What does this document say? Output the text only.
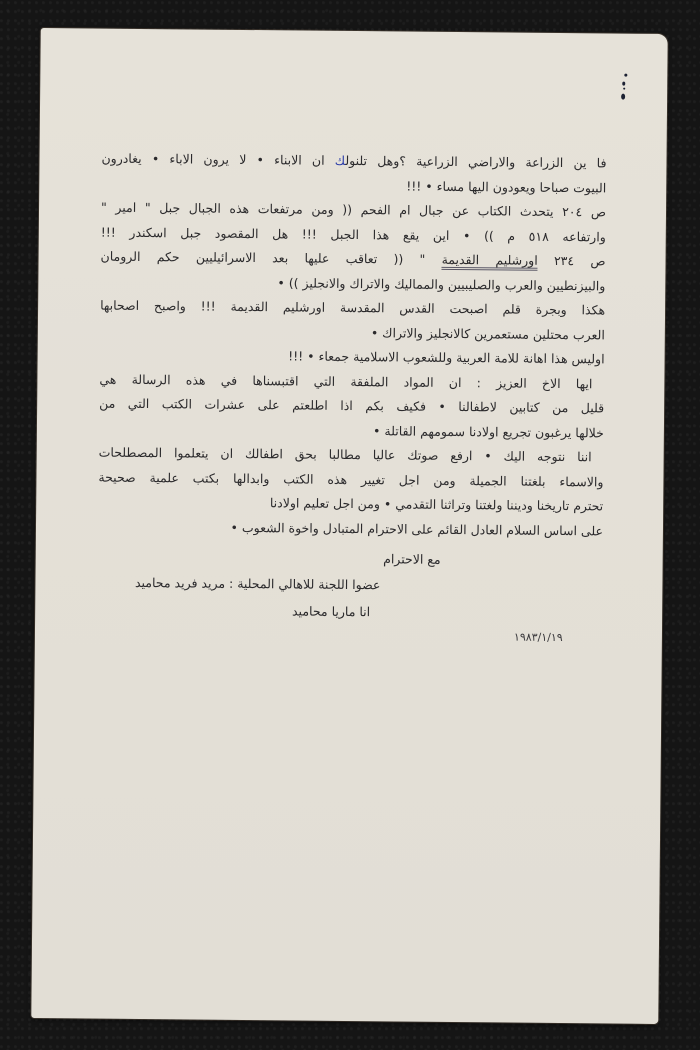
فا ين الزراعة والاراضي الزراعية ؟وهل تلنولك ان الابناء • لا يرون الاباء • يغادرون
البيوت صباحا ويعودون اليها مساء • !!!
ص ٢٠٤ يتحدث الكتاب عن جبال ام الفحم (( ومن مرتفعات هذه الجبال جبل " امير "
وارتفاعه ٥١٨ م )) • اين يقع هذا الجبل !!! هل المقصود جبل اسكندر !!!
ص ٢٣٤ اورشليم القديمة " (( تعاقب عليها بعد الاسرائيليين حكم الرومان
والبيزنطيين والعرب والصليبيين والمماليك والاتراك والانجليز )) •
هكذا وبجرة قلم اصبحت القدس المقدسة اورشليم القديمة !!! واصبح اصحابها
العرب محتلين مستعمرين كالانجليز والاتراك •
اوليس هذا اهانة للامة العربية وللشعوب الاسلامية جمعاء • !!!
ايها الاخ العزيز : ان المواد الملفقة التي اقتبسناها في هذه الرسالة هي
قليل من كتابين لاطفالنا • فكيف بكم اذا اطلعتم على عشرات الكتب التي من
خلالها يرغبون تجريع اولادنا سمومهم القاتلة •
اننا نتوجه اليك • ارفع صوتك عاليا مطالبا بحق اطفالك ان يتعلموا المصطلحات
والاسماء بلغتنا الجميلة ومن اجل تغيير هذه الكتب وابدالها بكتب علمية صحيحة
تحترم تاريخنا وديننا ولغتنا وتراثنا التقدمي • ومن اجل تعليم اولادنا
على اساس السلام العادل القائم على الاحترام المتبادل واخوة الشعوب •
مع الاحترام
عضوا اللجنة للاهالي المحلية : مريد فريد محاميد
انا ماريا محاميد
١٩٨٣/١/١٩
